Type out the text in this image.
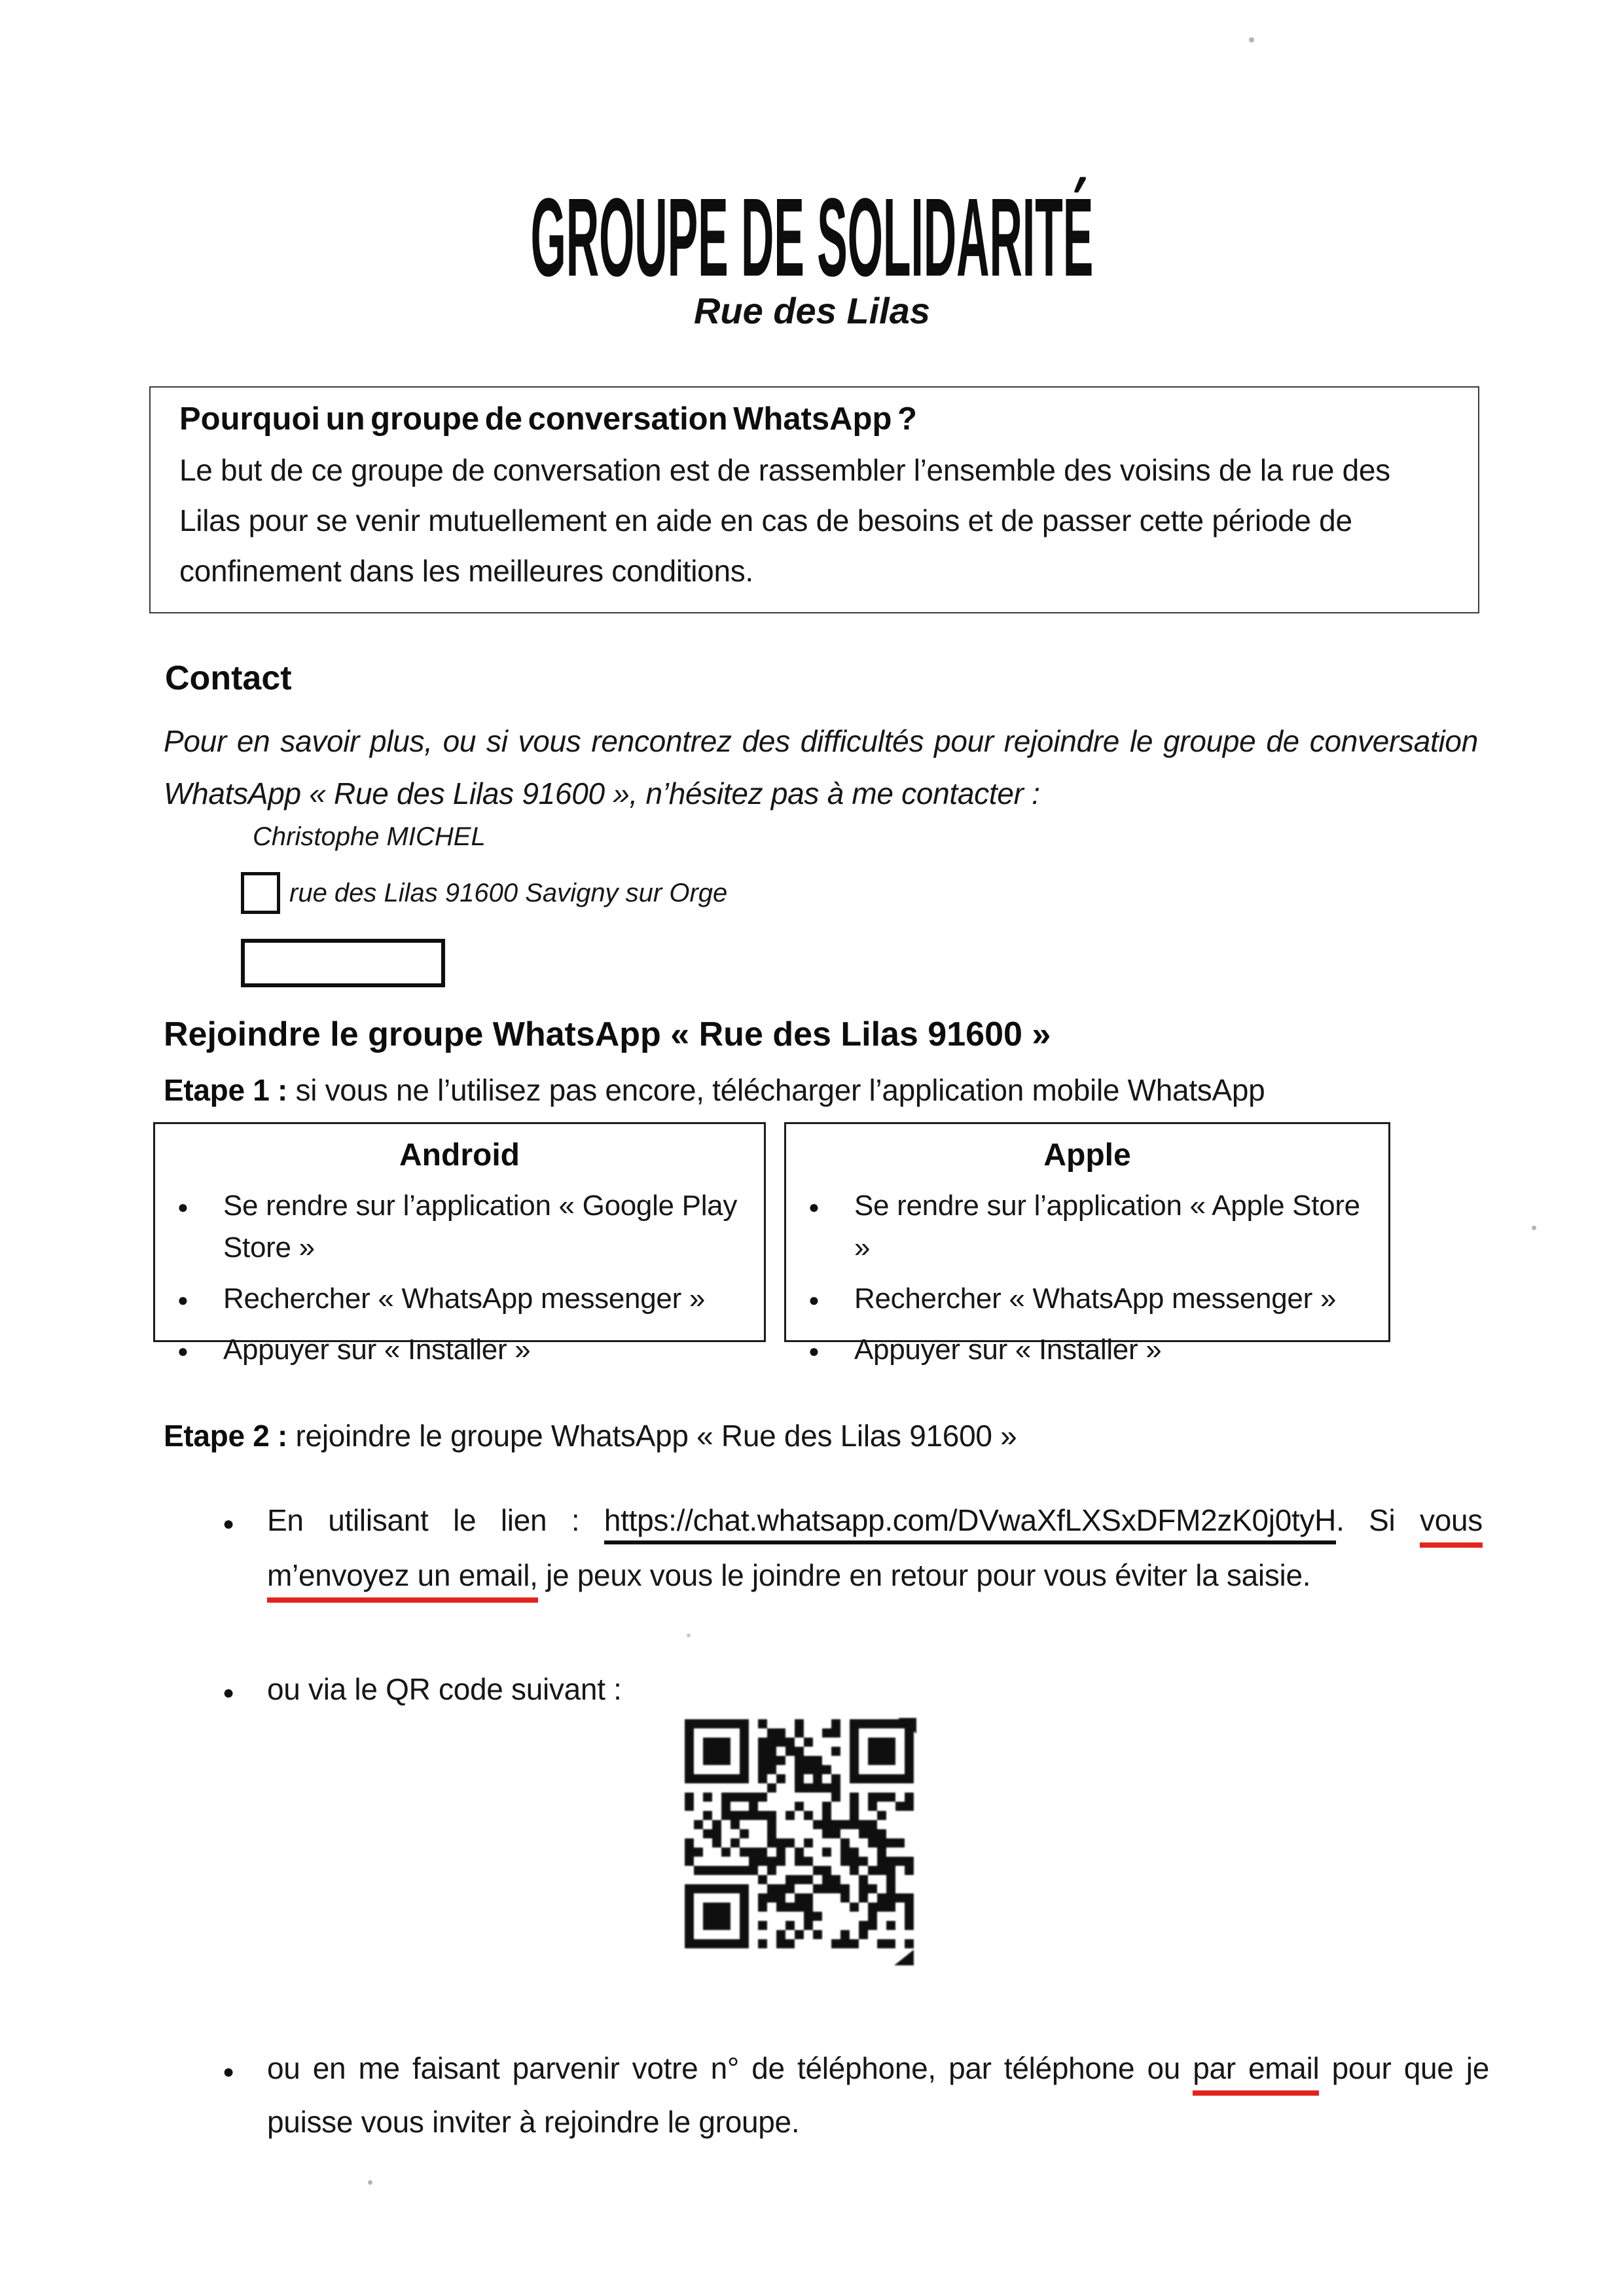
GROUPE DE SOLIDARITÉ
Rue des Lilas
Pourquoi un groupe de conversation WhatsApp ?
Le but de ce groupe de conversation est de rassembler l’ensemble des voisins de la rue des Lilas pour se venir mutuellement en aide en cas de besoins et de passer cette période de confinement dans les meilleures conditions.
Contact
Pour en savoir plus, ou si vous rencontrez des difficultés pour rejoindre le groupe de conversation WhatsApp « Rue des Lilas 91600 », n’hésitez pas à me contacter :
Christophe MICHEL
rue des Lilas 91600 Savigny sur Orge
Rejoindre le groupe WhatsApp « Rue des Lilas 91600 »
Etape 1 : si vous ne l’utilisez pas encore, télécharger l’application mobile WhatsApp
Android
● Se rendre sur l’application « Google Play Store »
● Rechercher « WhatsApp messenger »
● Appuyer sur « Installer »
Apple
● Se rendre sur l’application « Apple Store »
● Rechercher « WhatsApp messenger »
● Appuyer sur « Installer »
Etape 2 : rejoindre le groupe WhatsApp « Rue des Lilas 91600 »
● En utilisant le lien : https://chat.whatsapp.com/DVwaXfLXSxDFM2zK0j0tyH. Si vous m’envoyez un email, je peux vous le joindre en retour pour vous éviter la saisie.
● ou via le QR code suivant :
● ou en me faisant parvenir votre n° de téléphone, par téléphone ou par email pour que je puisse vous inviter à rejoindre le groupe.
